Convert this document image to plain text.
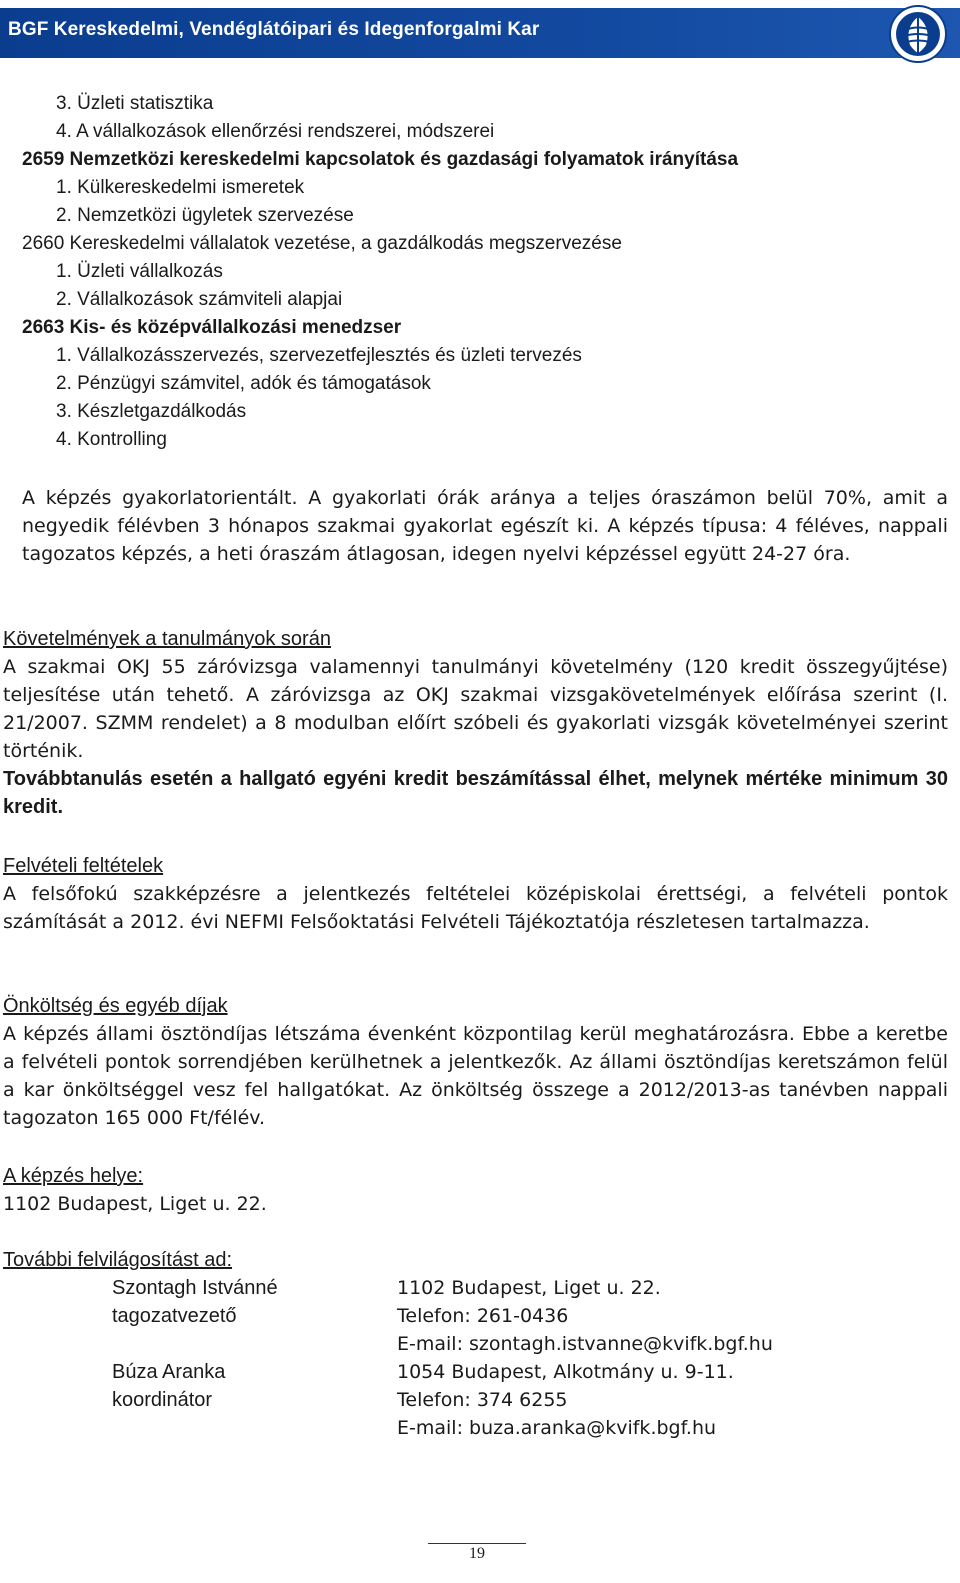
BGF Kereskedelmi, Vendéglátóipari és Idegenforgalmi Kar
3. Üzleti statisztika
4. A vállalkozások ellenőrzési rendszerei, módszerei
2659 Nemzetközi kereskedelmi kapcsolatok és gazdasági folyamatok irányítása
1. Külkereskedelmi ismeretek
2. Nemzetközi ügyletek szervezése
2660 Kereskedelmi vállalatok vezetése, a gazdálkodás megszervezése
1. Üzleti vállalkozás
2. Vállalkozások számviteli alapjai
2663 Kis- és középvállalkozási menedzser
1. Vállalkozásszervezés, szervezetfejlesztés és üzleti tervezés
2. Pénzügyi számvitel, adók és támogatások
3. Készletgazdálkodás
4. Kontrolling
A képzés gyakorlatorientált. A gyakorlati órák aránya a teljes óraszámon belül 70%, amit a negyedik félévben 3 hónapos szakmai gyakorlat egészít ki. A képzés típusa: 4 féléves, nappali tagozatos képzés, a heti óraszám átlagosan, idegen nyelvi képzéssel együtt 24-27 óra.
Követelmények a tanulmányok során
A szakmai OKJ 55 záróvizsga valamennyi tanulmányi követelmény (120 kredit összegyűjtése) teljesítése után tehető. A záróvizsga az OKJ szakmai vizsgakövetelmények előírása szerint (I. 21/2007. SZMM rendelet) a 8 modulban előírt szóbeli és gyakorlati vizsgák követelményei szerint történik.
Továbbtanulás esetén a hallgató egyéni kredit beszámítással élhet, melynek mértéke minimum 30 kredit.
Felvételi feltételek
A felsőfokú szakképzésre a jelentkezés feltételei középiskolai érettségi, a felvételi pontok számítását a 2012. évi NEFMI Felsőoktatási Felvételi Tájékoztatója részletesen tartalmazza.
Önköltség és egyéb díjak
A képzés állami ösztöndíjas létszáma évenként központilag kerül meghatározásra. Ebbe a keretbe a felvételi pontok sorrendjében kerülhetnek a jelentkezők. Az állami ösztöndíjas keretszámon felül a kar önköltséggel vesz fel hallgatókat. Az önköltség összege a 2012/2013-as tanévben nappali tagozaton 165 000 Ft/félév.
A képzés helye:
1102 Budapest, Liget u. 22.
További felvilágosítást ad:
Szontagh Istvánné
tagozatvezető
1102 Budapest, Liget u. 22.
Telefon: 261-0436
E-mail: szontagh.istvanne@kvifk.bgf.hu
Búza Aranka
koordinátor
1054 Budapest, Alkotmány u. 9-11.
Telefon: 374 6255
E-mail: buza.aranka@kvifk.bgf.hu
19
